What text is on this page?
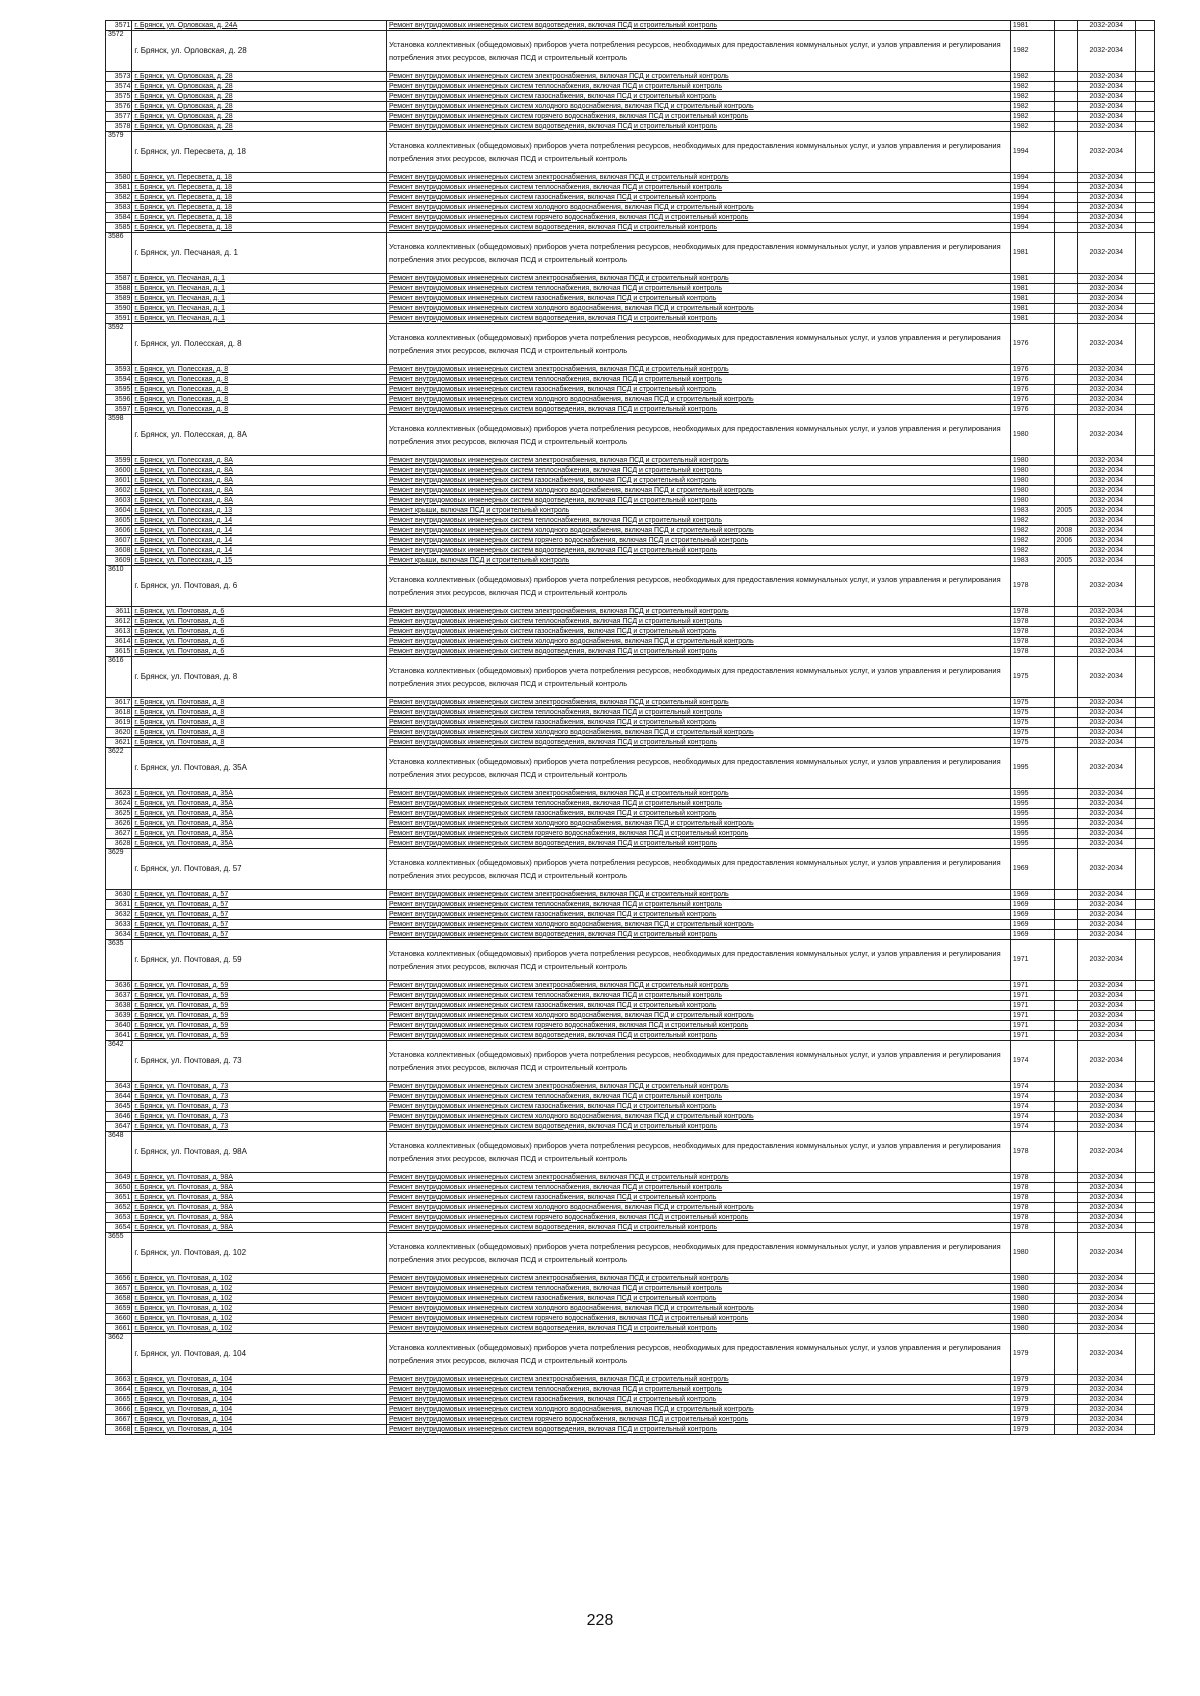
3571	г. Брянск, ул. Орловская, д. 24А	Ремонт внутридомовых инженерных систем водоотведения, включая ПСД и строительный контроль	1981		2032-2034	
3572	г. Брянск, ул. Орловская, д. 28	Установка коллективных (общедомовых) приборов учета потребления ресурсов, необходимых для предоставления коммунальных услуг, и узлов управления и регулирования потребления этих ресурсов, включая ПСД и строительный контроль	1982		2032-2034	
3573	г. Брянск, ул. Орловская, д. 28	Ремонт внутридомовых инженерных систем электроснабжения, включая ПСД и строительный контроль	1982		2032-2034	
3574	г. Брянск, ул. Орловская, д. 28	Ремонт внутридомовых инженерных систем теплоснабжения, включая ПСД и строительный контроль	1982		2032-2034	
3575	г. Брянск, ул. Орловская, д. 28	Ремонт внутридомовых инженерных систем газоснабжения, включая ПСД и строительный контроль	1982		2032-2034	
3576	г. Брянск, ул. Орловская, д. 28	Ремонт внутридомовых инженерных систем холодного водоснабжения, включая ПСД и строительный контроль	1982		2032-2034	
3577	г. Брянск, ул. Орловская, д. 28	Ремонт внутридомовых инженерных систем горячего водоснабжения, включая ПСД и строительный контроль	1982		2032-2034	
3578	г. Брянск, ул. Орловская, д. 28	Ремонт внутридомовых инженерных систем водоотведения, включая ПСД и строительный контроль	1982		2032-2034	
3579	г. Брянск, ул. Пересвета, д. 18	Установка коллективных (общедомовых) приборов учета потребления ресурсов, необходимых для предоставления коммунальных услуг, и узлов управления и регулирования потребления этих ресурсов, включая ПСД и строительный контроль	1994		2032-2034	
3580	г. Брянск, ул. Пересвета, д. 18	Ремонт внутридомовых инженерных систем электроснабжения, включая ПСД и строительный контроль	1994		2032-2034	
3581	г. Брянск, ул. Пересвета, д. 18	Ремонт внутридомовых инженерных систем теплоснабжения, включая ПСД и строительный контроль	1994		2032-2034	
3582	г. Брянск, ул. Пересвета, д. 18	Ремонт внутридомовых инженерных систем газоснабжения, включая ПСД и строительный контроль	1994		2032-2034	
3583	г. Брянск, ул. Пересвета, д. 18	Ремонт внутридомовых инженерных систем холодного водоснабжения, включая ПСД и строительный контроль	1994		2032-2034	
3584	г. Брянск, ул. Пересвета, д. 18	Ремонт внутридомовых инженерных систем горячего водоснабжения, включая ПСД и строительный контроль	1994		2032-2034	
3585	г. Брянск, ул. Пересвета, д. 18	Ремонт внутридомовых инженерных систем водоотведения, включая ПСД и строительный контроль	1994		2032-2034	
3586	г. Брянск, ул. Песчаная, д. 1	Установка коллективных (общедомовых) приборов учета потребления ресурсов, необходимых для предоставления коммунальных услуг, и узлов управления и регулирования потребления этих ресурсов, включая ПСД и строительный контроль	1981		2032-2034	
3587	г. Брянск, ул. Песчаная, д. 1	Ремонт внутридомовых инженерных систем электроснабжения, включая ПСД и строительный контроль	1981		2032-2034	
3588	г. Брянск, ул. Песчаная, д. 1	Ремонт внутридомовых инженерных систем теплоснабжения, включая ПСД и строительный контроль	1981		2032-2034	
3589	г. Брянск, ул. Песчаная, д. 1	Ремонт внутридомовых инженерных систем газоснабжения, включая ПСД и строительный контроль	1981		2032-2034	
3590	г. Брянск, ул. Песчаная, д. 1	Ремонт внутридомовых инженерных систем холодного водоснабжения, включая ПСД и строительный контроль	1981		2032-2034	
3591	г. Брянск, ул. Песчаная, д. 1	Ремонт внутридомовых инженерных систем водоотведения, включая ПСД и строительный контроль	1981		2032-2034	
3592	г. Брянск, ул. Полесская, д. 8	Установка коллективных (общедомовых) приборов учета потребления ресурсов, необходимых для предоставления коммунальных услуг, и узлов управления и регулирования потребления этих ресурсов, включая ПСД и строительный контроль	1976		2032-2034	
3593	г. Брянск, ул. Полесская, д. 8	Ремонт внутридомовых инженерных систем электроснабжения, включая ПСД и строительный контроль	1976		2032-2034	
3594	г. Брянск, ул. Полесская, д. 8	Ремонт внутридомовых инженерных систем теплоснабжения, включая ПСД и строительный контроль	1976		2032-2034	
3595	г. Брянск, ул. Полесская, д. 8	Ремонт внутридомовых инженерных систем газоснабжения, включая ПСД и строительный контроль	1976		2032-2034	
3596	г. Брянск, ул. Полесская, д. 8	Ремонт внутридомовых инженерных систем холодного водоснабжения, включая ПСД и строительный контроль	1976		2032-2034	
3597	г. Брянск, ул. Полесская, д. 8	Ремонт внутридомовых инженерных систем водоотведения, включая ПСД и строительный контроль	1976		2032-2034	
3598	г. Брянск, ул. Полесская, д. 8А	Установка коллективных (общедомовых) приборов учета потребления ресурсов, необходимых для предоставления коммунальных услуг, и узлов управления и регулирования потребления этих ресурсов, включая ПСД и строительный контроль	1980		2032-2034	
3599	г. Брянск, ул. Полесская, д. 8А	Ремонт внутридомовых инженерных систем электроснабжения, включая ПСД и строительный контроль	1980		2032-2034	
3600	г. Брянск, ул. Полесская, д. 8А	Ремонт внутридомовых инженерных систем теплоснабжения, включая ПСД и строительный контроль	1980		2032-2034	
3601	г. Брянск, ул. Полесская, д. 8А	Ремонт внутридомовых инженерных систем газоснабжения, включая ПСД и строительный контроль	1980		2032-2034	
3602	г. Брянск, ул. Полесская, д. 8А	Ремонт внутридомовых инженерных систем холодного водоснабжения, включая ПСД и строительный контроль	1980		2032-2034	
3603	г. Брянск, ул. Полесская, д. 8А	Ремонт внутридомовых инженерных систем водоотведения, включая ПСД и строительный контроль	1980		2032-2034	
3604	г. Брянск, ул. Полесская, д. 13	Ремонт крыши, включая ПСД и строительный контроль	1983	2005	2032-2034	
3605	г. Брянск, ул. Полесская, д. 14	Ремонт внутридомовых инженерных систем теплоснабжения, включая ПСД и строительный контроль	1982		2032-2034	
3606	г. Брянск, ул. Полесская, д. 14	Ремонт внутридомовых инженерных систем холодного водоснабжения, включая ПСД и строительный контроль	1982	2008	2032-2034	
3607	г. Брянск, ул. Полесская, д. 14	Ремонт внутридомовых инженерных систем горячего водоснабжения, включая ПСД и строительный контроль	1982	2006	2032-2034	
3608	г. Брянск, ул. Полесская, д. 14	Ремонт внутридомовых инженерных систем водоотведения, включая ПСД и строительный контроль	1982		2032-2034	
3609	г. Брянск, ул. Полесская, д. 15	Ремонт крыши, включая ПСД и строительный контроль	1983	2005	2032-2034	
3610	г. Брянск, ул. Почтовая, д. 6	Установка коллективных (общедомовых) приборов учета потребления ресурсов, необходимых для предоставления коммунальных услуг, и узлов управления и регулирования потребления этих ресурсов, включая ПСД и строительный контроль	1978		2032-2034	
3611	г. Брянск, ул. Почтовая, д. 6	Ремонт внутридомовых инженерных систем электроснабжения, включая ПСД и строительный контроль	1978		2032-2034	
3612	г. Брянск, ул. Почтовая, д. 6	Ремонт внутридомовых инженерных систем теплоснабжения, включая ПСД и строительный контроль	1978		2032-2034	
3613	г. Брянск, ул. Почтовая, д. 6	Ремонт внутридомовых инженерных систем газоснабжения, включая ПСД и строительный контроль	1978		2032-2034	
3614	г. Брянск, ул. Почтовая, д. 6	Ремонт внутридомовых инженерных систем холодного водоснабжения, включая ПСД и строительный контроль	1978		2032-2034	
3615	г. Брянск, ул. Почтовая, д. 6	Ремонт внутридомовых инженерных систем водоотведения, включая ПСД и строительный контроль	1978		2032-2034	
3616	г. Брянск, ул. Почтовая, д. 8	Установка коллективных (общедомовых) приборов учета потребления ресурсов, необходимых для предоставления коммунальных услуг, и узлов управления и регулирования потребления этих ресурсов, включая ПСД и строительный контроль	1975		2032-2034	
3617	г. Брянск, ул. Почтовая, д. 8	Ремонт внутридомовых инженерных систем электроснабжения, включая ПСД и строительный контроль	1975		2032-2034	
3618	г. Брянск, ул. Почтовая, д. 8	Ремонт внутридомовых инженерных систем теплоснабжения, включая ПСД и строительный контроль	1975		2032-2034	
3619	г. Брянск, ул. Почтовая, д. 8	Ремонт внутридомовых инженерных систем газоснабжения, включая ПСД и строительный контроль	1975		2032-2034	
3620	г. Брянск, ул. Почтовая, д. 8	Ремонт внутридомовых инженерных систем холодного водоснабжения, включая ПСД и строительный контроль	1975		2032-2034	
3621	г. Брянск, ул. Почтовая, д. 8	Ремонт внутридомовых инженерных систем водоотведения, включая ПСД и строительный контроль	1975		2032-2034	
3622	г. Брянск, ул. Почтовая, д. 35А	Установка коллективных (общедомовых) приборов учета потребления ресурсов, необходимых для предоставления коммунальных услуг, и узлов управления и регулирования потребления этих ресурсов, включая ПСД и строительный контроль	1995		2032-2034	
3623	г. Брянск, ул. Почтовая, д. 35А	Ремонт внутридомовых инженерных систем электроснабжения, включая ПСД и строительный контроль	1995		2032-2034	
3624	г. Брянск, ул. Почтовая, д. 35А	Ремонт внутридомовых инженерных систем теплоснабжения, включая ПСД и строительный контроль	1995		2032-2034	
3625	г. Брянск, ул. Почтовая, д. 35А	Ремонт внутридомовых инженерных систем газоснабжения, включая ПСД и строительный контроль	1995		2032-2034	
3626	г. Брянск, ул. Почтовая, д. 35А	Ремонт внутридомовых инженерных систем холодного водоснабжения, включая ПСД и строительный контроль	1995		2032-2034	
3627	г. Брянск, ул. Почтовая, д. 35А	Ремонт внутридомовых инженерных систем горячего водоснабжения, включая ПСД и строительный контроль	1995		2032-2034	
3628	г. Брянск, ул. Почтовая, д. 35А	Ремонт внутридомовых инженерных систем водоотведения, включая ПСД и строительный контроль	1995		2032-2034	
3629	г. Брянск, ул. Почтовая, д. 57	Установка коллективных (общедомовых) приборов учета потребления ресурсов, необходимых для предоставления коммунальных услуг, и узлов управления и регулирования потребления этих ресурсов, включая ПСД и строительный контроль	1969		2032-2034	
3630	г. Брянск, ул. Почтовая, д. 57	Ремонт внутридомовых инженерных систем электроснабжения, включая ПСД и строительный контроль	1969		2032-2034	
3631	г. Брянск, ул. Почтовая, д. 57	Ремонт внутридомовых инженерных систем теплоснабжения, включая ПСД и строительный контроль	1969		2032-2034	
3632	г. Брянск, ул. Почтовая, д. 57	Ремонт внутридомовых инженерных систем газоснабжения, включая ПСД и строительный контроль	1969		2032-2034	
3633	г. Брянск, ул. Почтовая, д. 57	Ремонт внутридомовых инженерных систем холодного водоснабжения, включая ПСД и строительный контроль	1969		2032-2034	
3634	г. Брянск, ул. Почтовая, д. 57	Ремонт внутридомовых инженерных систем водоотведения, включая ПСД и строительный контроль	1969		2032-2034	
3635	г. Брянск, ул. Почтовая, д. 59	Установка коллективных (общедомовых) приборов учета потребления ресурсов, необходимых для предоставления коммунальных услуг, и узлов управления и регулирования потребления этих ресурсов, включая ПСД и строительный контроль	1971		2032-2034	
3636	г. Брянск, ул. Почтовая, д. 59	Ремонт внутридомовых инженерных систем электроснабжения, включая ПСД и строительный контроль	1971		2032-2034	
3637	г. Брянск, ул. Почтовая, д. 59	Ремонт внутридомовых инженерных систем теплоснабжения, включая ПСД и строительный контроль	1971		2032-2034	
3638	г. Брянск, ул. Почтовая, д. 59	Ремонт внутридомовых инженерных систем газоснабжения, включая ПСД и строительный контроль	1971		2032-2034	
3639	г. Брянск, ул. Почтовая, д. 59	Ремонт внутридомовых инженерных систем холодного водоснабжения, включая ПСД и строительный контроль	1971		2032-2034	
3640	г. Брянск, ул. Почтовая, д. 59	Ремонт внутридомовых инженерных систем горячего водоснабжения, включая ПСД и строительный контроль	1971		2032-2034	
3641	г. Брянск, ул. Почтовая, д. 59	Ремонт внутридомовых инженерных систем водоотведения, включая ПСД и строительный контроль	1971		2032-2034	
3642	г. Брянск, ул. Почтовая, д. 73	Установка коллективных (общедомовых) приборов учета потребления ресурсов, необходимых для предоставления коммунальных услуг, и узлов управления и регулирования потребления этих ресурсов, включая ПСД и строительный контроль	1974		2032-2034	
3643	г. Брянск, ул. Почтовая, д. 73	Ремонт внутридомовых инженерных систем электроснабжения, включая ПСД и строительный контроль	1974		2032-2034	
3644	г. Брянск, ул. Почтовая, д. 73	Ремонт внутридомовых инженерных систем теплоснабжения, включая ПСД и строительный контроль	1974		2032-2034	
3645	г. Брянск, ул. Почтовая, д. 73	Ремонт внутридомовых инженерных систем газоснабжения, включая ПСД и строительный контроль	1974		2032-2034	
3646	г. Брянск, ул. Почтовая, д. 73	Ремонт внутридомовых инженерных систем холодного водоснабжения, включая ПСД и строительный контроль	1974		2032-2034	
3647	г. Брянск, ул. Почтовая, д. 73	Ремонт внутридомовых инженерных систем водоотведения, включая ПСД и строительный контроль	1974		2032-2034	
3648	г. Брянск, ул. Почтовая, д. 98А	Установка коллективных (общедомовых) приборов учета потребления ресурсов, необходимых для предоставления коммунальных услуг, и узлов управления и регулирования потребления этих ресурсов, включая ПСД и строительный контроль	1978		2032-2034	
3649	г. Брянск, ул. Почтовая, д. 98А	Ремонт внутридомовых инженерных систем электроснабжения, включая ПСД и строительный контроль	1978		2032-2034	
3650	г. Брянск, ул. Почтовая, д. 98А	Ремонт внутридомовых инженерных систем теплоснабжения, включая ПСД и строительный контроль	1978		2032-2034	
3651	г. Брянск, ул. Почтовая, д. 98А	Ремонт внутридомовых инженерных систем газоснабжения, включая ПСД и строительный контроль	1978		2032-2034	
3652	г. Брянск, ул. Почтовая, д. 98А	Ремонт внутридомовых инженерных систем холодного водоснабжения, включая ПСД и строительный контроль	1978		2032-2034	
3653	г. Брянск, ул. Почтовая, д. 98А	Ремонт внутридомовых инженерных систем горячего водоснабжения, включая ПСД и строительный контроль	1978		2032-2034	
3654	г. Брянск, ул. Почтовая, д. 98А	Ремонт внутридомовых инженерных систем водоотведения, включая ПСД и строительный контроль	1978		2032-2034	
3655	г. Брянск, ул. Почтовая, д. 102	Установка коллективных (общедомовых) приборов учета потребления ресурсов, необходимых для предоставления коммунальных услуг, и узлов управления и регулирования потребления этих ресурсов, включая ПСД и строительный контроль	1980		2032-2034	
3656	г. Брянск, ул. Почтовая, д. 102	Ремонт внутридомовых инженерных систем электроснабжения, включая ПСД и строительный контроль	1980		2032-2034	
3657	г. Брянск, ул. Почтовая, д. 102	Ремонт внутридомовых инженерных систем теплоснабжения, включая ПСД и строительный контроль	1980		2032-2034	
3658	г. Брянск, ул. Почтовая, д. 102	Ремонт внутридомовых инженерных систем газоснабжения, включая ПСД и строительный контроль	1980		2032-2034	
3659	г. Брянск, ул. Почтовая, д. 102	Ремонт внутридомовых инженерных систем холодного водоснабжения, включая ПСД и строительный контроль	1980		2032-2034	
3660	г. Брянск, ул. Почтовая, д. 102	Ремонт внутридомовых инженерных систем горячего водоснабжения, включая ПСД и строительный контроль	1980		2032-2034	
3661	г. Брянск, ул. Почтовая, д. 102	Ремонт внутридомовых инженерных систем водоотведения, включая ПСД и строительный контроль	1980		2032-2034	
3662	г. Брянск, ул. Почтовая, д. 104	Установка коллективных (общедомовых) приборов учета потребления ресурсов, необходимых для предоставления коммунальных услуг, и узлов управления и регулирования потребления этих ресурсов, включая ПСД и строительный контроль	1979		2032-2034	
3663	г. Брянск, ул. Почтовая, д. 104	Ремонт внутридомовых инженерных систем электроснабжения, включая ПСД и строительный контроль	1979		2032-2034	
3664	г. Брянск, ул. Почтовая, д. 104	Ремонт внутридомовых инженерных систем теплоснабжения, включая ПСД и строительный контроль	1979		2032-2034	
3665	г. Брянск, ул. Почтовая, д. 104	Ремонт внутридомовых инженерных систем газоснабжения, включая ПСД и строительный контроль	1979		2032-2034	
3666	г. Брянск, ул. Почтовая, д. 104	Ремонт внутридомовых инженерных систем холодного водоснабжения, включая ПСД и строительный контроль	1979		2032-2034	
3667	г. Брянск, ул. Почтовая, д. 104	Ремонт внутридомовых инженерных систем горячего водоснабжения, включая ПСД и строительный контроль	1979		2032-2034	
3668	г. Брянск, ул. Почтовая, д. 104	Ремонт внутридомовых инженерных систем водоотведения, включая ПСД и строительный контроль	1979		2032-2034	
228
